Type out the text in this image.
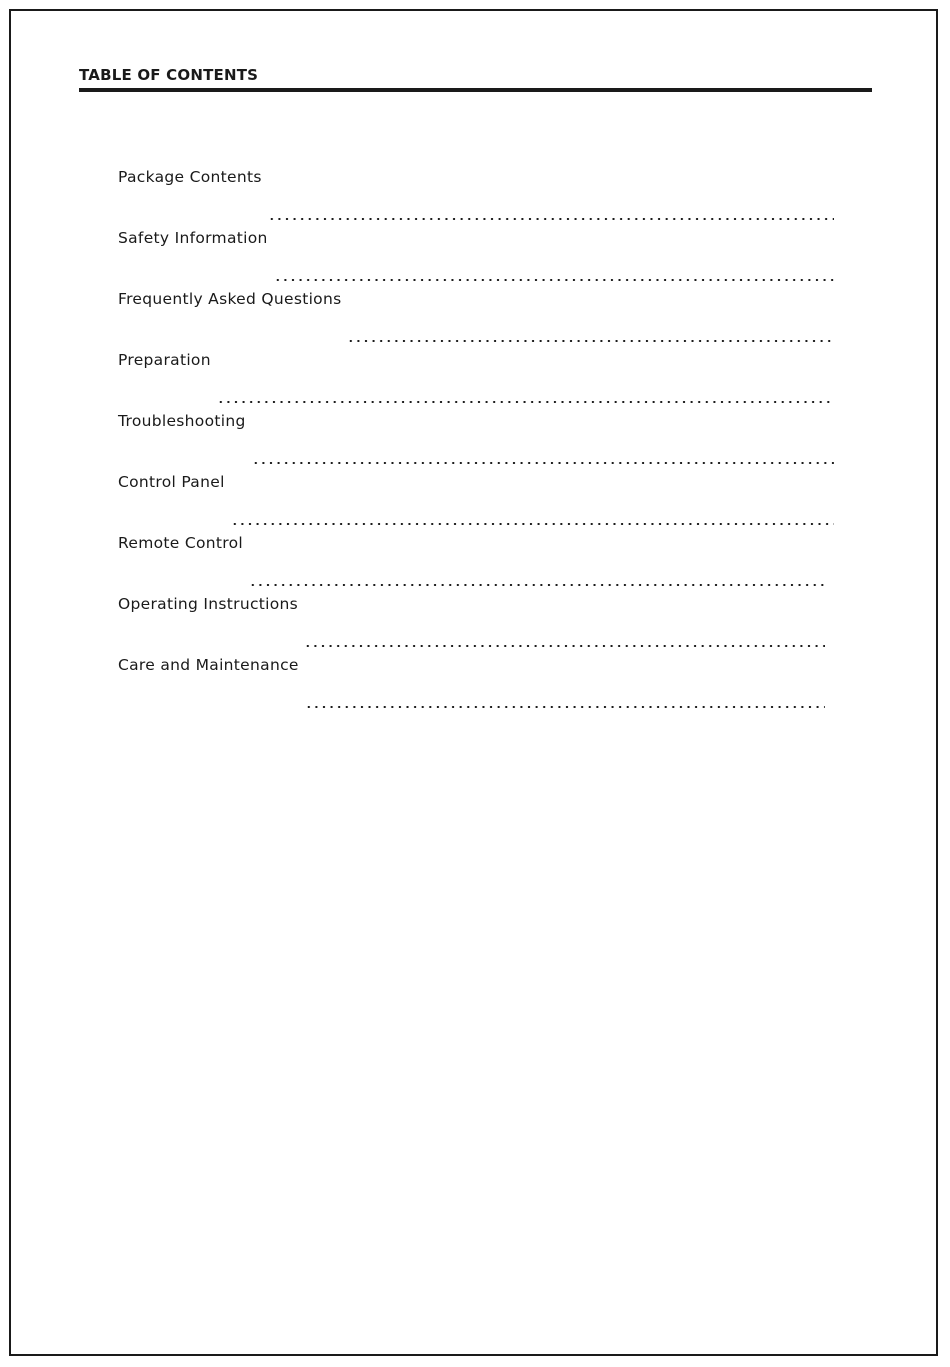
TABLE OF CONTENTS
Package Contents
Safety Information
Frequently Asked Questions
Preparation
Troubleshooting
Control Panel
Remote Control
Operating Instructions
Care and Maintenance
